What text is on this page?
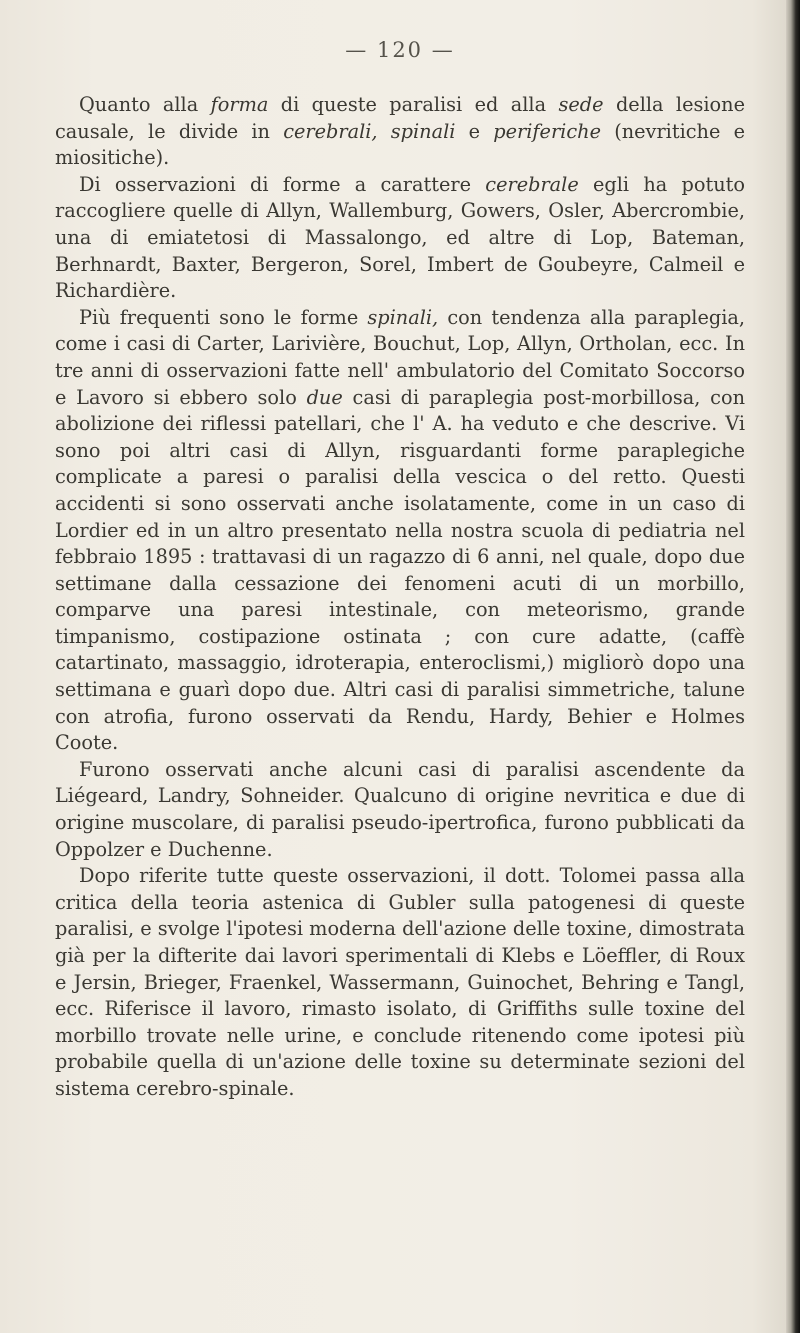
— 120 —

Quanto alla forma di queste paralisi ed alla sede della lesione causale, le divide in cerebrali, spinali e periferiche (nevritiche e miositiche).

Di osservazioni di forme a carattere cerebrale egli ha potuto raccogliere quelle di Allyn, Wallemburg, Gowers, Osler, Abercrombie, una di emiatetosi di Massalongo, ed altre di Lop, Bateman, Berhnardt, Baxter, Bergeron, Sorel, Imbert de Goubeyre, Calmeil e Richardière.

Più frequenti sono le forme spinali, con tendenza alla paraplegia, come i casi di Carter, Larivière, Bouchut, Lop, Allyn, Ortholan, ecc. In tre anni di osservazioni fatte nell' ambulatorio del Comitato Soccorso e Lavoro si ebbero solo due casi di paraplegia post-morbillosa, con abolizione dei riflessi patellari, che l' A. ha veduto e che descrive. Vi sono poi altri casi di Allyn, risguardanti forme paraplegiche complicate a paresi o paralisi della vescica o del retto. Questi accidenti si sono osservati anche isolatamente, come in un caso di Lordier ed in un altro presentato nella nostra scuola di pediatria nel febbraio 1895 : trattavasi di un ragazzo di 6 anni, nel quale, dopo due settimane dalla cessazione dei fenomeni acuti di un morbillo, comparve una paresi intestinale, con meteorismo, grande timpanismo, costipazione ostinata ; con cure adatte, (caffè catartinato, massaggio, idroterapia, enteroclismi,) migliorò dopo una settimana e guarì dopo due. Altri casi di paralisi simmetriche, talune con atrofia, furono osservati da Rendu, Hardy, Behier e Holmes Coote.

Furono osservati anche alcuni casi di paralisi ascendente da Liégeard, Landry, Sohneider. Qualcuno di origine nevritica e due di origine muscolare, di paralisi pseudo-ipertrofica, furono pubblicati da Oppolzer e Duchenne.

Dopo riferite tutte queste osservazioni, il dott. Tolomei passa alla critica della teoria astenica di Gubler sulla patogenesi di queste paralisi, e svolge l'ipotesi moderna dell'azione delle toxine, dimostrata già per la difterite dai lavori sperimentali di Klebs e Löeffler, di Roux e Jersin, Brieger, Fraenkel, Wassermann, Guinochet, Behring e Tangl, ecc. Riferisce il lavoro, rimasto isolato, di Griffiths sulle toxine del morbillo trovate nelle urine, e conclude ritenendo come ipotesi più probabile quella di un'azione delle toxine su determinate sezioni del sistema cerebro-spinale.
